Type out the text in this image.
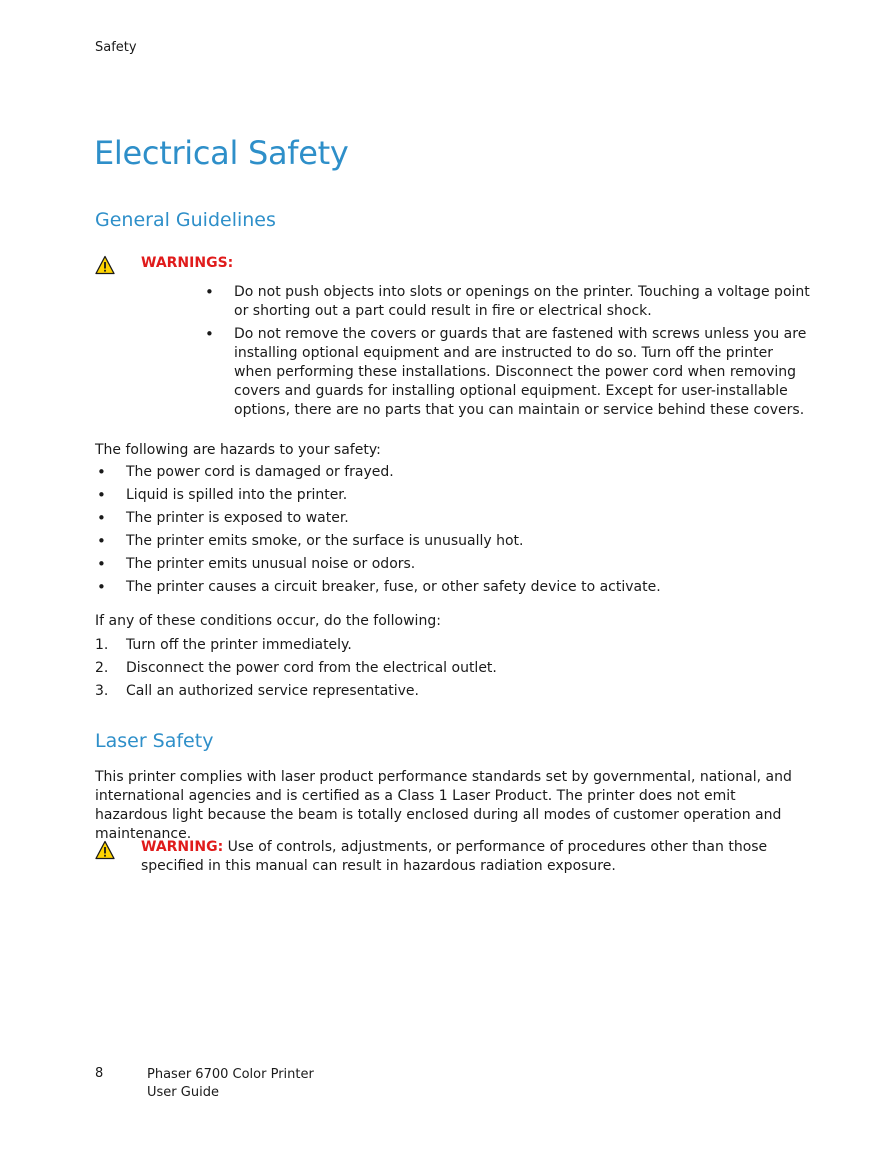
Safety
Electrical Safety
General Guidelines
WARNINGS:
• Do not push objects into slots or openings on the printer. Touching a voltage point or shorting out a part could result in fire or electrical shock.
• Do not remove the covers or guards that are fastened with screws unless you are installing optional equipment and are instructed to do so. Turn off the printer when performing these installations. Disconnect the power cord when removing covers and guards for installing optional equipment. Except for user-installable options, there are no parts that you can maintain or service behind these covers.
The following are hazards to your safety:
• The power cord is damaged or frayed.
• Liquid is spilled into the printer.
• The printer is exposed to water.
• The printer emits smoke, or the surface is unusually hot.
• The printer emits unusual noise or odors.
• The printer causes a circuit breaker, fuse, or other safety device to activate.
If any of these conditions occur, do the following:
1. Turn off the printer immediately.
2. Disconnect the power cord from the electrical outlet.
3. Call an authorized service representative.
Laser Safety
This printer complies with laser product performance standards set by governmental, national, and international agencies and is certified as a Class 1 Laser Product. The printer does not emit hazardous light because the beam is totally enclosed during all modes of customer operation and maintenance.
WARNING: Use of controls, adjustments, or performance of procedures other than those specified in this manual can result in hazardous radiation exposure.
8	Phaser 6700 Color Printer
User Guide
